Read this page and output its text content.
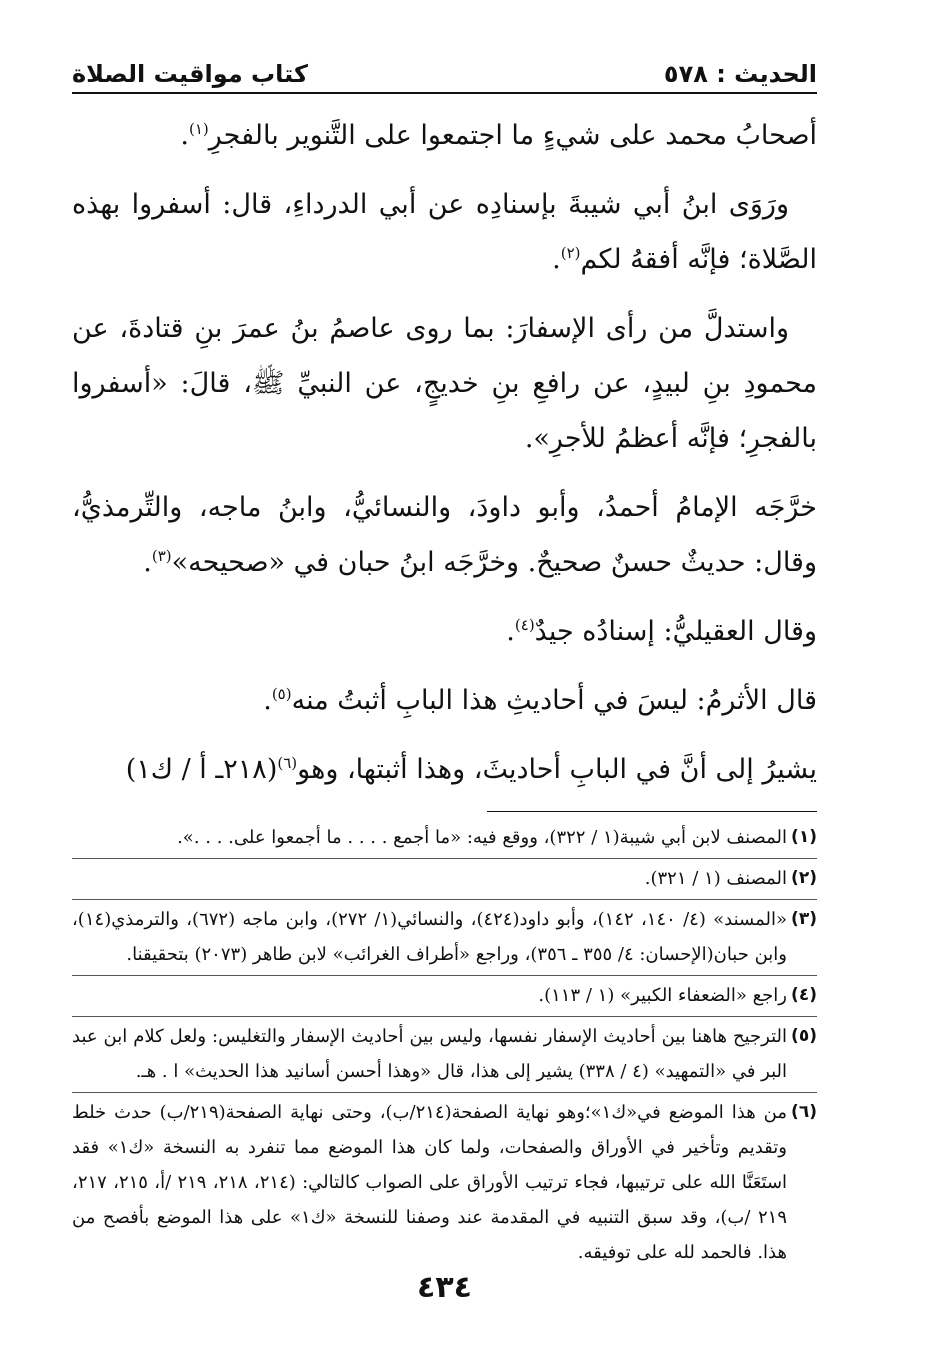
الحديث : ٥٧٨
كتاب مواقيت الصلاة

أصحابُ محمد على شيءٍ ما اجتمعوا على التَّنوير بالفجرِ$^{(١)}$.

ورَوَى ابنُ أبي شيبةَ بإسنادِه عن أبي الدرداءِ، قال: أسفروا بهذه الصَّلاة؛ فإنَّه أفقهُ لكم$^{(٢)}$.

واستدلَّ من رأى الإسفارَ: بما روى عاصمُ بنُ عمرَ بنِ قتادةَ، عن محمودِ بنِ لبيدٍ، عن رافعِ بنِ خديجٍ، عن النبيِّ ﷺ، قالَ: «أسفروا بالفجرِ؛ فإنَّه أعظمُ للأجرِ».

خرَّجَه الإمامُ أحمدُ، وأبو داودَ، والنسائيُّ، وابنُ ماجه، والتِّرمذيُّ، وقال: حديثٌ حسنٌ صحيحٌ. وخرَّجَه ابنُ حبان في «صحيحه»$^{(٣)}$.

وقال العقيليُّ: إسنادُه جيدٌ$^{(٤)}$.

قال الأثرمُ: ليسَ في أحاديثِ هذا البابِ أثبتُ منه$^{(٥)}$.

يشيرُ إلى أنَّ في البابِ أحاديثَ، وهذا أثبتها، وهو$^{(٦)}$(٢١٨ـ أ / ك١)

(١)
المصنف لابن أبي شيبة(١ / ٣٢٢)، ووقع فيه: «ما أجمع . . . . ما أجمعوا على. . . .».
(٢)
المصنف (١ / ٣٢١).
(٣)
«المسند» (٤/ ١٤٠، ١٤٢)، وأبو داود(٤٢٤)، والنسائي(١/ ٢٧٢)، وابن ماجه (٦٧٢)، والترمذي(١٤)، وابن حبان(الإحسان: ٤/ ٣٥٥ ـ ٣٥٦)، وراجع «أطراف الغرائب» لابن طاهر (٢٠٧٣) بتحقيقنا.
(٤)
راجع «الضعفاء الكبير» (١ / ١١٣).
(٥)
الترجيح هاهنا بين أحاديث الإسفار نفسها، وليس بين أحاديث الإسفار والتغليس: ولعل كلام ابن عبد البر في «التمهيد» (٤ / ٣٣٨) يشير إلى هذا، قال «وهذا أحسن أسانيد هذا الحديث» ا . هـ.
(٦)
من هذا الموضع في«ك١»؛وهو نهاية الصفحة(٢١٤/ب)، وحتى نهاية الصفحة(٢١٩/ب) حدث خلط وتقديم وتأخير في الأوراق والصفحات، ولما كان هذا الموضع مما تنفرد به النسخة «ك١» فقد استَعَنَّا الله على ترتيبها، فجاء ترتيب الأوراق على الصواب كالتالي: (٢١٤، ٢١٨، ٢١٩ /أ، ٢١٥، ٢١٧، ٢١٩ /ب)، وقد سبق التنبيه في المقدمة عند وصفنا للنسخة «ك١» على هذا الموضع بأفصح من هذا. فالحمد لله على توفيقه.
٤٣٤
